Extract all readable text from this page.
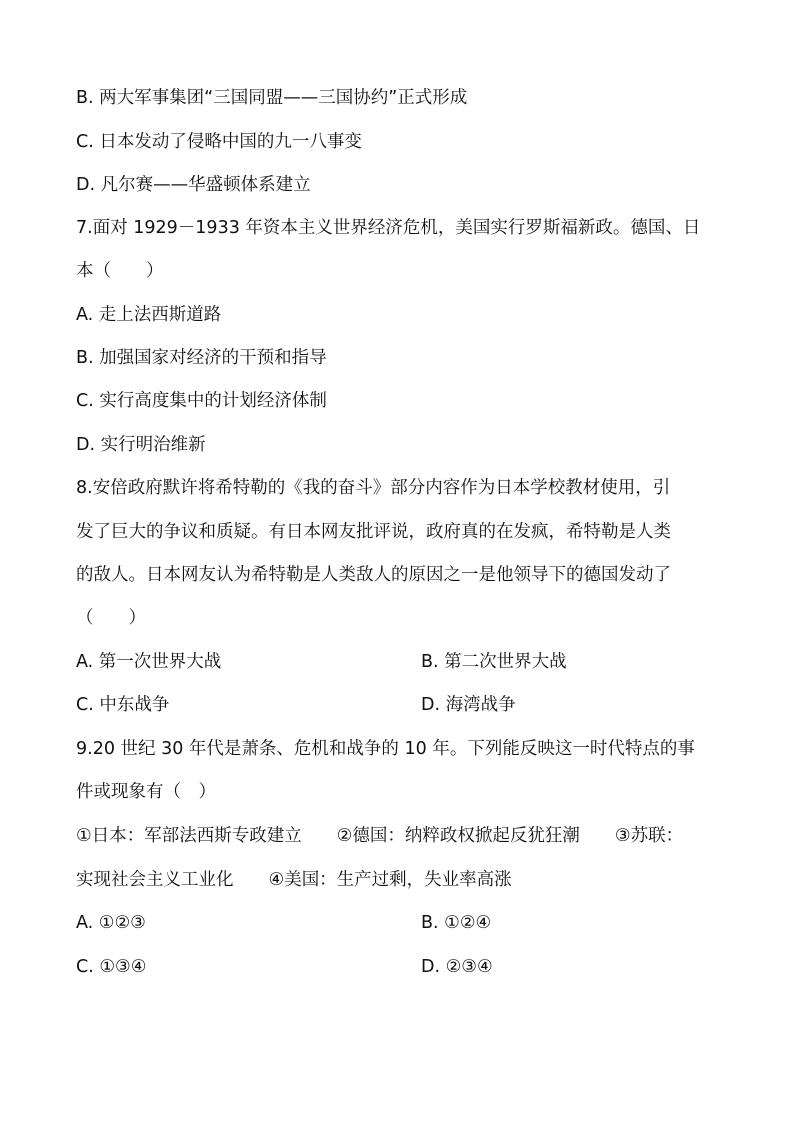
B. 两大军事集团“三国同盟——三国协约”正式形成
C. 日本发动了侵略中国的九一八事变
D. 凡尔赛——华盛顿体系建立
7.面对 1929－1933 年资本主义世界经济危机，美国实行罗斯福新政。德国、日
本（　　）
A. 走上法西斯道路
B. 加强国家对经济的干预和指导
C. 实行高度集中的计划经济体制
D. 实行明治维新
8.安倍政府默许将希特勒的《我的奋斗》部分内容作为日本学校教材使用，引
发了巨大的争议和质疑。有日本网友批评说，政府真的在发疯，希特勒是人类
的敌人。日本网友认为希特勒是人类敌人的原因之一是他领导下的德国发动了
（　　）
A. 第一次世界大战	B. 第二次世界大战
C. 中东战争	D. 海湾战争
9.20 世纪 30 年代是萧条、危机和战争的 10 年。下列能反映这一时代特点的事
件或现象有（　）
①日本：军部法西斯专政建立　　②德国：纳粹政权掀起反犹狂潮　　③苏联：
实现社会主义工业化　　④美国：生产过剩，失业率高涨
A. ①②③	B. ①②④
C. ①③④	D. ②③④
